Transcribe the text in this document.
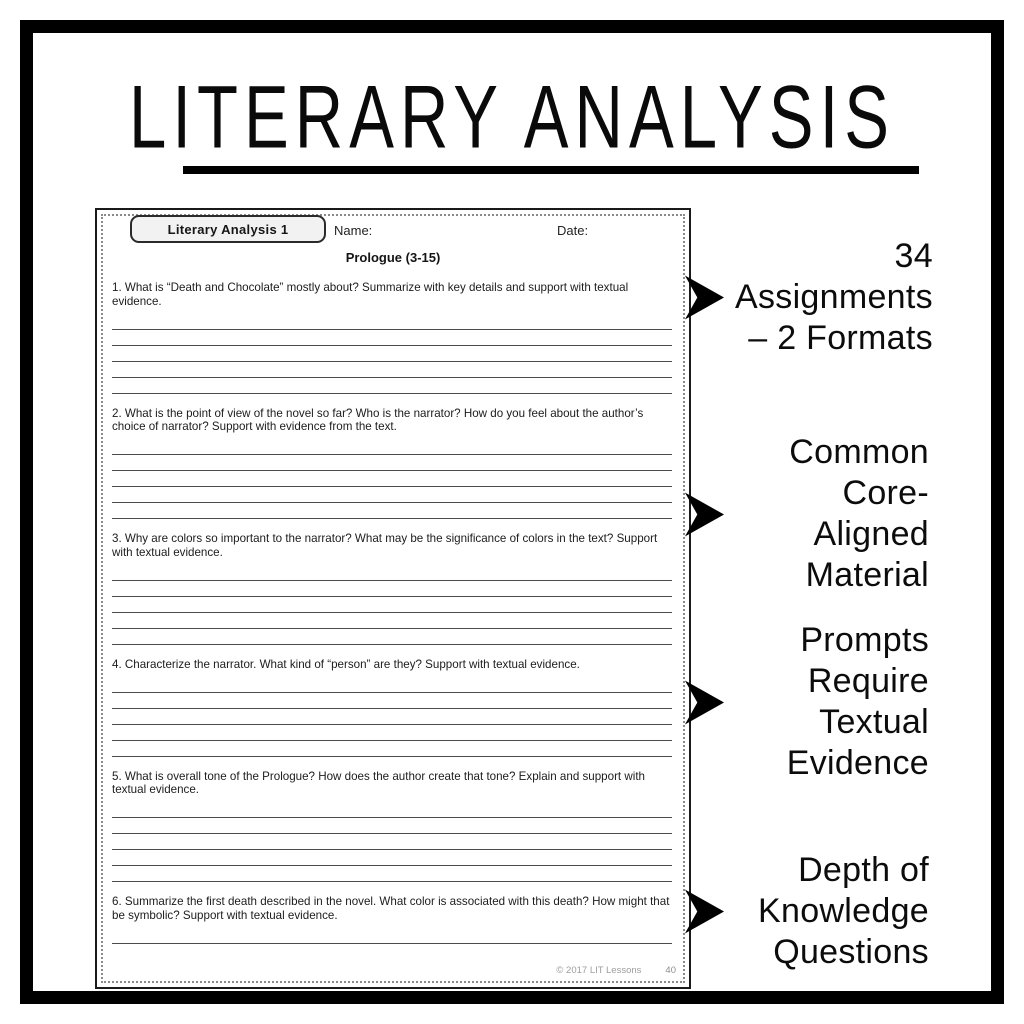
LITERARY ANALYSIS
Literary Analysis 1	Name:	Date:
Prologue (3-15)
1. What is “Death and Chocolate” mostly about? Summarize with key details and support with textual evidence.
2. What is the point of view of the novel so far? Who is the narrator? How do you feel about the author’s choice of narrator? Support with evidence from the text.
3. Why are colors so important to the narrator? What may be the significance of colors in the text? Support with textual evidence.
4. Characterize the narrator. What kind of “person” are they? Support with textual evidence.
5. What is overall tone of the Prologue? How does the author create that tone? Explain and support with textual evidence.
6. Summarize the first death described in the novel. What color is associated with this death? How might that be symbolic? Support with textual evidence.
© 2017 LIT Lessons	40
34 Assignments
– 2 Formats
Common Core-
Aligned
Material
Prompts
Require Textual
Evidence
Depth of
Knowledge
Questions
